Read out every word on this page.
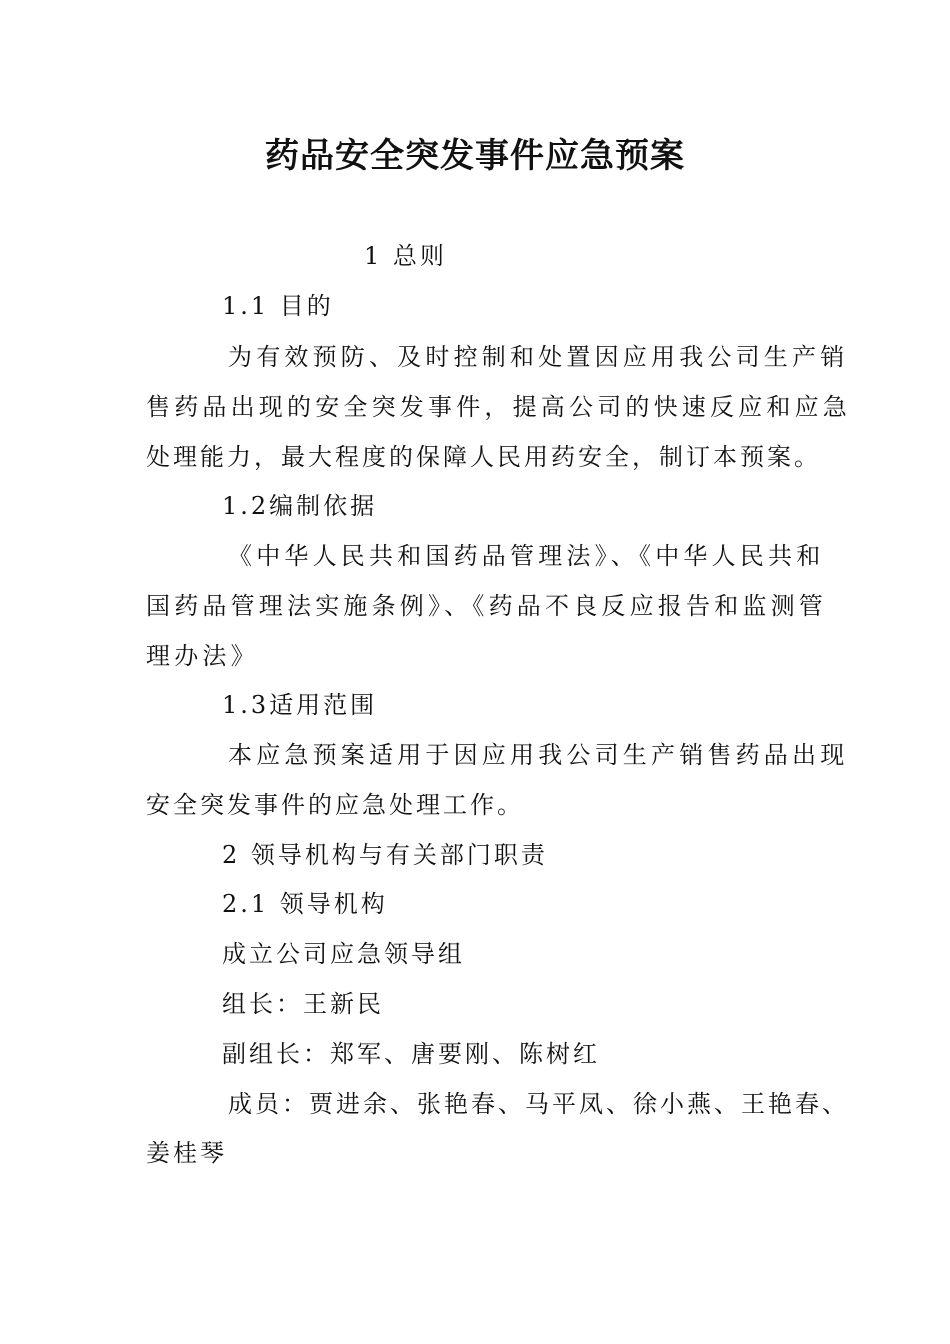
药品安全突发事件应急预案
1 总则
1.1 目的
为有效预防、及时控制和处置因应用我公司生产销
售药品出现的安全突发事件，提高公司的快速反应和应急
处理能力，最大程度的保障人民用药安全，制订本预案。
1.2编制依据
《中华人民共和国药品管理法》、《中华人民共和
国药品管理法实施条例》、《药品不良反应报告和监测管
理办法》
1.3适用范围
本应急预案适用于因应用我公司生产销售药品出现
安全突发事件的应急处理工作。
2 领导机构与有关部门职责
2.1 领导机构
成立公司应急领导组
组长：王新民
副组长：郑军、唐要刚、陈树红
成员：贾进余、张艳春、马平凤、徐小燕、王艳春、
姜桂琴
